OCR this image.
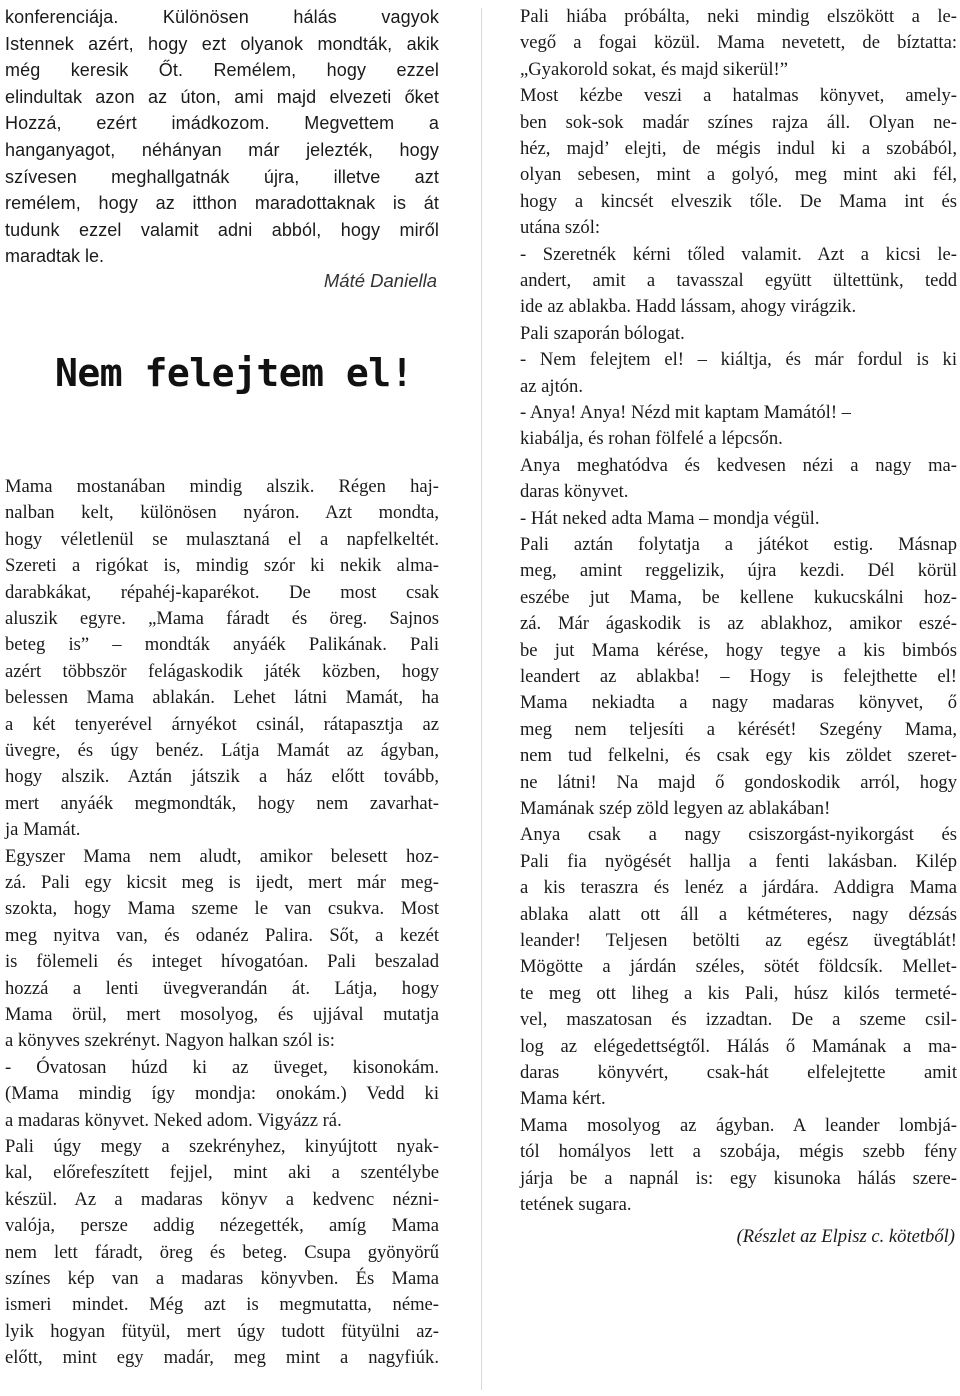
konferenciája. Különösen hálás vagyok
Istennek azért, hogy ezt olyanok mondták, akik
még keresik Őt. Remélem, hogy ezzel
elindultak azon az úton, ami majd elvezeti őket
Hozzá, ezért imádkozom. Megvettem a
hanganyagot, néhányan már jelezték, hogy
szívesen meghallgatnák újra, illetve azt
remélem, hogy az itthon maradottaknak is át
tudunk ezzel valamit adni abból, hogy miről
maradtak le.
Máté Daniella
Nem felejtem el!
Mama mostanában mindig alszik. Régen haj-
nalban kelt, különösen nyáron. Azt mondta,
hogy véletlenül se mulasztaná el a napfelkeltét.
Szereti a rigókat is, mindig szór ki nekik alma-
darabkákat, répahéj-kaparékot. De most csak
aluszik egyre. „Mama fáradt és öreg. Sajnos
beteg is” – mondták anyáék Palikának. Pali
azért többször felágaskodik játék közben, hogy
belessen Mama ablakán. Lehet látni Mamát, ha
a két tenyerével árnyékot csinál, rátapasztja az
üvegre, és úgy benéz. Látja Mamát az ágyban,
hogy alszik. Aztán játszik a ház előtt tovább,
mert anyáék megmondták, hogy nem zavarhat-
ja Mamát.
Egyszer Mama nem aludt, amikor belesett hoz-
zá. Pali egy kicsit meg is ijedt, mert már meg-
szokta, hogy Mama szeme le van csukva. Most
meg nyitva van, és odanéz Palira. Sőt, a kezét
is fölemeli és integet hívogatóan. Pali beszalad
hozzá a lenti üvegverandán át. Látja, hogy
Mama örül, mert mosolyog, és ujjával mutatja
a könyves szekrényt. Nagyon halkan szól is:
- Óvatosan húzd ki az üveget, kisonokám.
(Mama mindig így mondja: onokám.) Vedd ki
a madaras könyvet. Neked adom. Vigyázz rá.
Pali úgy megy a szekrényhez, kinyújtott nyak-
kal, előrefeszített fejjel, mint aki a szentélybe
készül. Az a madaras könyv a kedvenc nézni-
valója, persze addig nézegették, amíg Mama
nem lett fáradt, öreg és beteg. Csupa gyönyörű
színes kép van a madaras könyvben. És Mama
ismeri mindet. Még azt is megmutatta, néme-
lyik hogyan fütyül, mert úgy tudott fütyülni az-
előtt, mint egy madár, meg mint a nagyfiúk.
Pali hiába próbálta, neki mindig elszökött a le-
vegő a fogai közül. Mama nevetett, de bíztatta:
„Gyakorold sokat, és majd sikerül!”
Most kézbe veszi a hatalmas könyvet, amely-
ben sok-sok madár színes rajza áll. Olyan ne-
héz, majd’ elejti, de mégis indul ki a szobából,
olyan sebesen, mint a golyó, meg mint aki fél,
hogy a kincsét elveszik tőle. De Mama int és
utána szól:
- Szeretnék kérni tőled valamit. Azt a kicsi le-
andert, amit a tavasszal együtt ültettünk, tedd
ide az ablakba. Hadd lássam, ahogy virágzik.
Pali szaporán bólogat.
- Nem felejtem el! – kiáltja, és már fordul is ki
az ajtón.
- Anya! Anya! Nézd mit kaptam Mamától! –
kiabálja, és rohan fölfelé a lépcsőn.
Anya meghatódva és kedvesen nézi a nagy ma-
daras könyvet.
- Hát neked adta Mama – mondja végül.
Pali aztán folytatja a játékot estig. Másnap
meg, amint reggelizik, újra kezdi. Dél körül
eszébe jut Mama, be kellene kukucskálni hoz-
zá. Már ágaskodik is az ablakhoz, amikor eszé-
be jut Mama kérése, hogy tegye a kis bimbós
leandert az ablakba! – Hogy is felejthette el!
Mama nekiadta a nagy madaras könyvet, ő
meg nem teljesíti a kérését! Szegény Mama,
nem tud felkelni, és csak egy kis zöldet szeret-
ne látni! Na majd ő gondoskodik arról, hogy
Mamának szép zöld legyen az ablakában!
Anya csak a nagy csiszorgást-nyikorgást és
Pali fia nyögését hallja a fenti lakásban. Kilép
a kis teraszra és lenéz a járdára. Addigra Mama
ablaka alatt ott áll a kétméteres, nagy dézsás
leander! Teljesen betölti az egész üvegtáblát!
Mögötte a járdán széles, sötét földcsík. Mellet-
te meg ott liheg a kis Pali, húsz kilós termeté-
vel, maszatosan és izzadtan. De a szeme csil-
log az elégedettségtől. Hálás ő Mamának a ma-
daras könyvért, csak-hát elfelejtette amit
Mama kért.
Mama mosolyog az ágyban. A leander lombjá-
tól homályos lett a szobája, mégis szebb fény
járja be a napnál is: egy kisunoka hálás szere-
tetének sugara.
(Részlet az Elpisz c. kötetből)
